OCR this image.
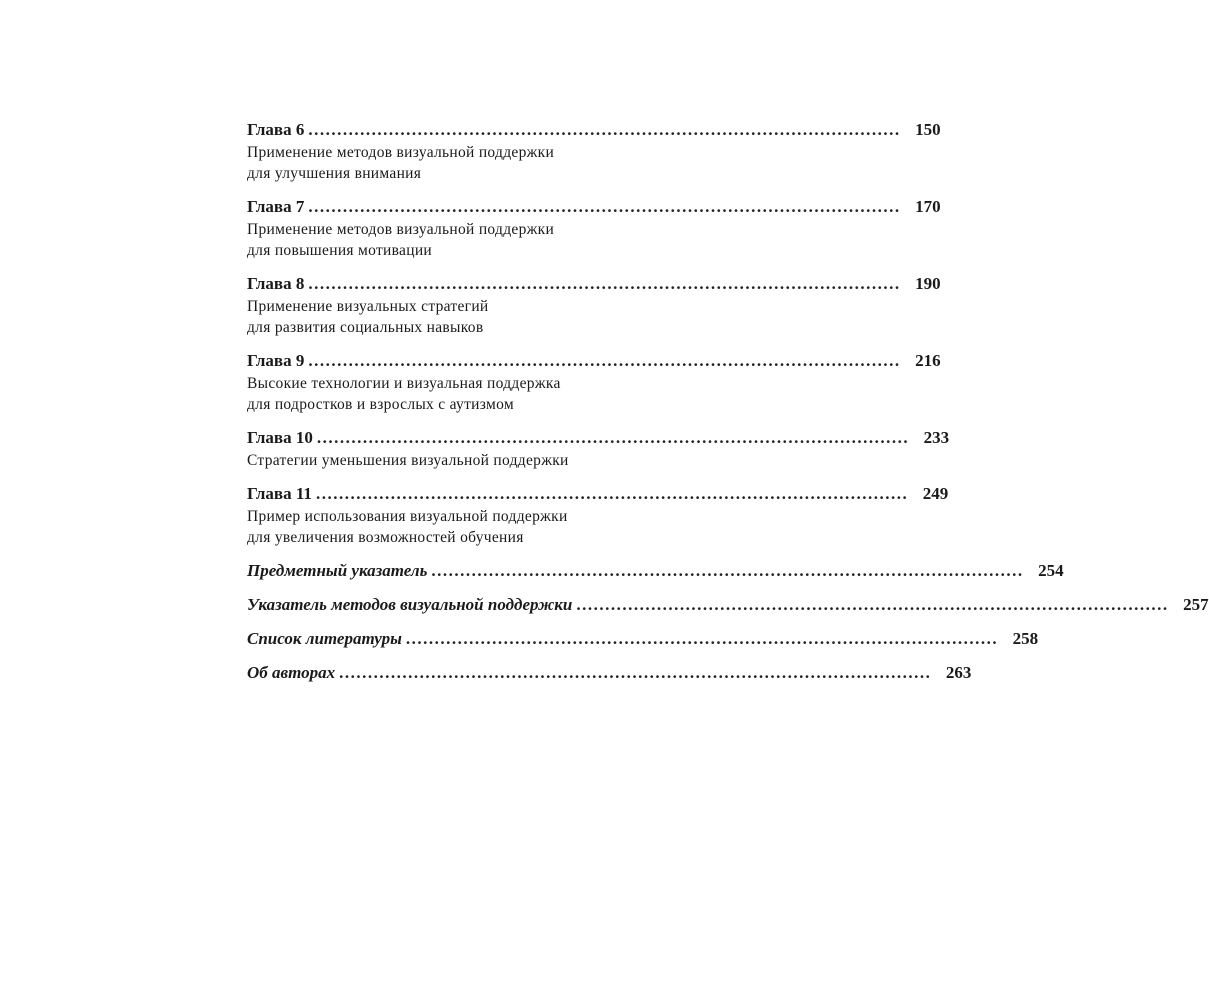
Глава 6 ....................................................................................................... 150
Применение методов визуальной поддержки
для улучшения внимания
Глава 7 ....................................................................................................... 170
Применение методов визуальной поддержки
для повышения мотивации
Глава 8 ....................................................................................................... 190
Применение визуальных стратегий
для развития социальных навыков
Глава 9 ....................................................................................................... 216
Высокие технологии и визуальная поддержка
для подростков и взрослых с аутизмом
Глава 10 ....................................................................................................... 233
Стратегии уменьшения визуальной поддержки
Глава 11 ....................................................................................................... 249
Пример использования визуальной поддержки
для увеличения возможностей обучения
Предметный указатель ....................................................................................................... 254
Указатель методов визуальной поддержки ....................................................................................................... 257
Список литературы ....................................................................................................... 258
Об авторах ....................................................................................................... 263
